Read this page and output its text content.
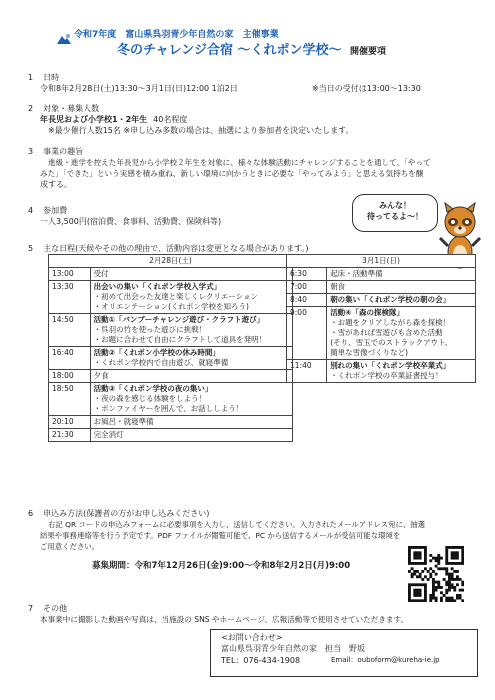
令和7年度 富山県呉羽青少年自然の家 主催事業
冬のチャレンジ合宿 ～くれポン学校～ 開催要項
1 日時
令和8年2月28日(土)13:30～3月1日(日)12:00 1泊2日	※当日の受付は13:00～13:30
2 対象・募集人数
年長児および小学校1・2年生 40名程度
※最少催行人数15名 ※申し込み多数の場合は、抽選により参加者を決定いたします。
3 事業の趣旨
進級・進学を控えた年長児から小学校２年生を対象に、様々な体験活動にチャレンジすることを通して、「やって
みた」「できた」という実感を積み重ね、新しい環境に向かうときに必要な「やってみよう」と思える気持ちを醸
成する。
4 参加費
一人3,500円(宿泊費、食事料、活動費、保険料等)
みんな！
待ってるよ～！
5 主な日程(天候やその他の理由で、活動内容は変更となる場合があります。)
2月28日(土)	
13:00	受付
13:30	出会いの集い「くれポン学校入学式」
・初めて出会った友達と楽しくレクリエーション
・オリエンテーション(くれポン学校を知ろう)

14:50	活動①「バンブーチャレンジ遊び・クラフト遊び」
・呉羽の竹を使った遊びに挑戦！
・お題に合わせて自由にクラフトして道具を発明！

16:40	活動②「くれポン小学校の休み時間」
・くれポン学校内で自由遊び、就寝準備

18:00	夕食
18:50	活動③「くれポン学校の夜の集い」
・夜の森を感じる体験をしよう！
・ボンファイヤーを囲んで、お話ししよう！

20:10	お風呂・就寝準備
21:30	完全消灯
3月1日(日)	
6:30	起床・活動準備
7:00	朝食
8:40	朝の集い「くれポン学校の朝の会」
9:00	活動④「森の探検隊」
・お題をクリアしながら森を探検！
・雪があれば雪遊びも含めた活動
(そり、雪玉でのストラックアウト、
簡単な雪像づくりなど)

11:40	別れの集い「くれポン学校卒業式」
・くれポン学校の卒業証書授与！
6 申込み方法(保護者の方がお申し込みください)
右記 QR コードの申込みフォームに必要事項を入力し、送信してください。入力されたメールアドレス宛に、抽選
結果や事務連絡等を行う予定です。PDF ファイルが閲覧可能で、PC から送信するメールが受信可能な環境を
ご用意ください。
募集期間：令和7年12月26日(金)9:00～令和8年2月2日(月)9:00
7 その他
本事業中に撮影した動画や写真は、当施設の SNS やホームページ、広報活動等で使用させていただきます。
<お問い合わせ>
富山県呉羽青少年自然の家　担当　野坂
TEL：076-434-1908	Email：ouboform@kureha-ie.jp
